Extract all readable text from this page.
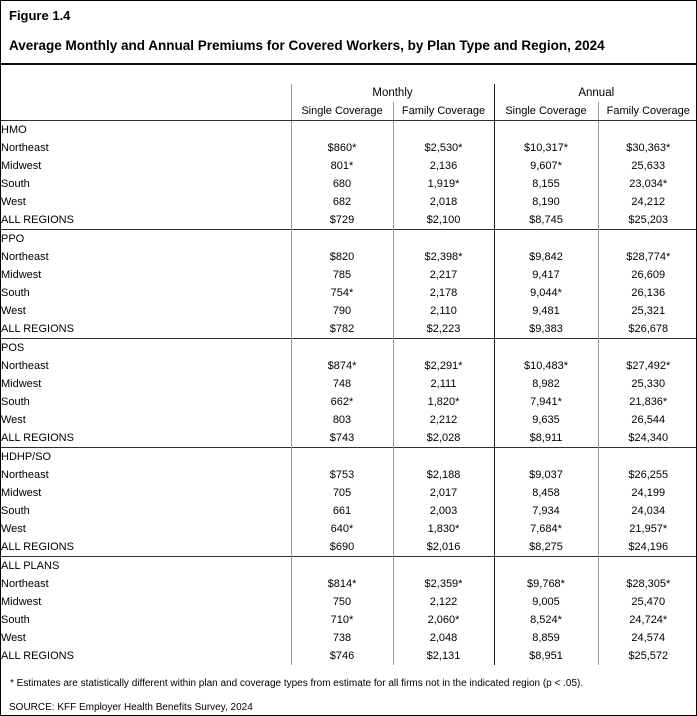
Figure 1.4
Average Monthly and Annual Premiums for Covered Workers, by Plan Type and Region, 2024
	Monthly		Annual	
	Single Coverage	Family Coverage	Single Coverage	Family Coverage
HMO				
Northeast	$860*	$2,530*	$10,317*	$30,363*
Midwest	801*	2,136	9,607*	25,633
South	680	1,919*	8,155	23,034*
West	682	2,018	8,190	24,212
ALL REGIONS	$729	$2,100	$8,745	$25,203
PPO				
Northeast	$820	$2,398*	$9,842	$28,774*
Midwest	785	2,217	9,417	26,609
South	754*	2,178	9,044*	26,136
West	790	2,110	9,481	25,321
ALL REGIONS	$782	$2,223	$9,383	$26,678
POS				
Northeast	$874*	$2,291*	$10,483*	$27,492*
Midwest	748	2,111	8,982	25,330
South	662*	1,820*	7,941*	21,836*
West	803	2,212	9,635	26,544
ALL REGIONS	$743	$2,028	$8,911	$24,340
HDHP/SO				
Northeast	$753	$2,188	$9,037	$26,255
Midwest	705	2,017	8,458	24,199
South	661	2,003	7,934	24,034
West	640*	1,830*	7,684*	21,957*
ALL REGIONS	$690	$2,016	$8,275	$24,196
ALL PLANS				
Northeast	$814*	$2,359*	$9,768*	$28,305*
Midwest	750	2,122	9,005	25,470
South	710*	2,060*	8,524*	24,724*
West	738	2,048	8,859	24,574
ALL REGIONS	$746	$2,131	$8,951	$25,572
* Estimates are statistically different within plan and coverage types from estimate for all firms not in the indicated region (p < .05).
SOURCE: KFF Employer Health Benefits Survey, 2024
